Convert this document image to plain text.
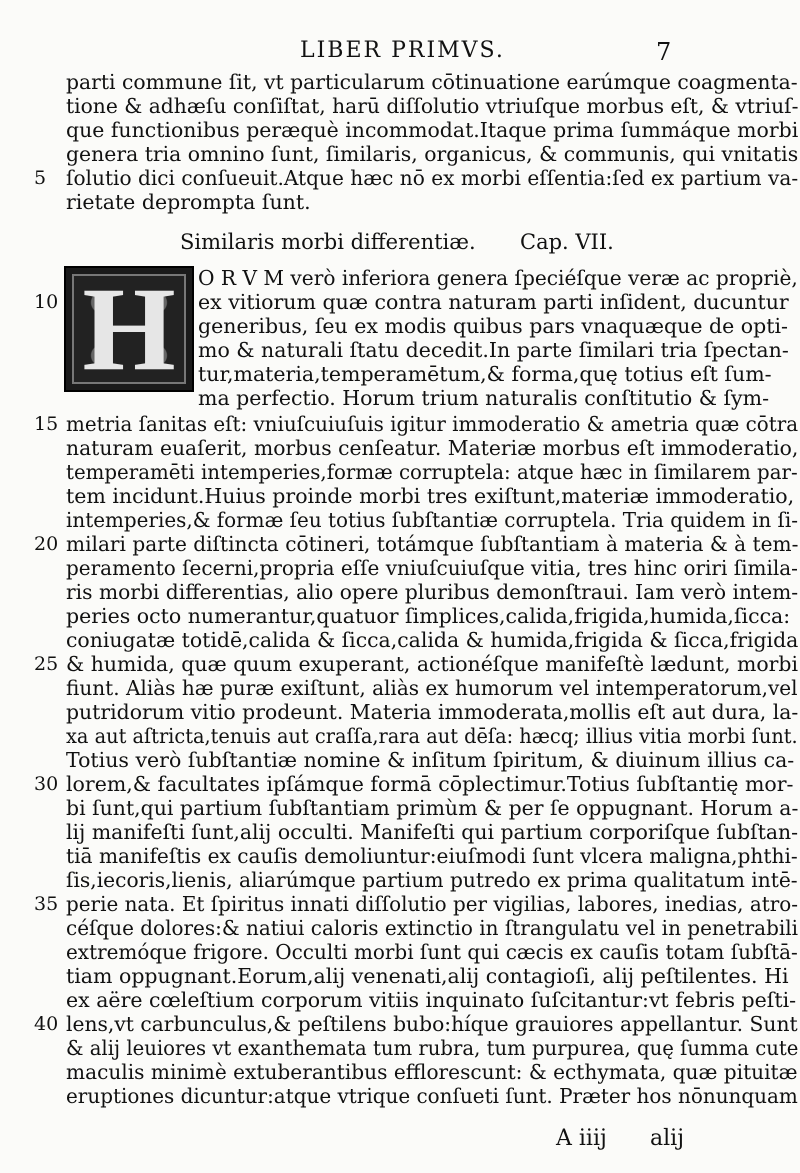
LIBER PRIMVS.	7
parti commune ſit, vt particularum cōtinuatione earúmque coagmenta-
tione & adhæſu conſiſtat, harū diſſolutio vtriuſque morbus eſt, & vtriuſ-
que functionibus peræquè incommodat.Itaque prima ſummáque morbi
genera tria omnino ſunt, ſimilaris, organicus, & communis, qui vnitatis
ſolutio dici conſueuit.Atque hæc nō ex morbi eſſentia:ſed ex partium va-
rietate deprompta ſunt.
5
Similaris morbi differentiæ. Cap. VII.
H	O R V M verò inferiora genera ſpeciéſque veræ ac propriè,
ex vitiorum quæ contra naturam parti inſident, ducuntur
generibus, ſeu ex modis quibus pars vnaquæque de opti-
mo & naturali ſtatu decedit.In parte ſimilari tria ſpectan-
tur,materia,temperamētum,& forma,quę totius eſt ſum-
ma perfectio. Horum trium naturalis conſtitutio & ſym-
10
metria ſanitas eſt: vniuſcuiuſuis igitur immoderatio & ametria quæ cōtra
naturam euaſerit, morbus cenſeatur. Materiæ morbus eſt immoderatio,
temperamēti intemperies,formæ corruptela: atque hæc in ſimilarem par-
tem incidunt.Huius proinde morbi tres exiſtunt,materiæ immoderatio,
intemperies,& formæ ſeu totius ſubſtantiæ corruptela. Tria quidem in ſi-
milari parte diſtincta cōtineri, totámque ſubſtantiam à materia & à tem-
peramento ſecerni,propria eſſe vniuſcuiuſque vitia, tres hinc oriri ſimila-
ris morbi differentias, alio opere pluribus demonſtraui. Iam verò intem-
peries octo numerantur,quatuor ſimplices,calida,frigida,humida,ſicca:
coniugatæ totidē,calida & ſicca,calida & humida,frigida & ſicca,frigida
& humida, quæ quum exuperant, actionéſque manifeſtè lædunt, morbi
fiunt. Aliàs hæ puræ exiſtunt, aliàs ex humorum vel intemperatorum,vel
putridorum vitio prodeunt. Materia immoderata,mollis eſt aut dura, la-
xa aut aſtricta,tenuis aut craſſa,rara aut dēſa: hæcq; illius vitia morbi ſunt.
Totius verò ſubſtantiæ nomine & inſitum ſpiritum, & diuinum illius ca-
lorem,& facultates ipſámque formā cōplectimur.Totius ſubſtantię mor-
bi ſunt,qui partium ſubſtantiam primùm & per ſe oppugnant. Horum a-
lij manifeſti ſunt,alij occulti. Manifeſti qui partium corporiſque ſubſtan-
tiā manifeſtis ex cauſis demoliuntur:eiuſmodi ſunt vlcera maligna,phthi-
ſis,iecoris,lienis, aliarúmque partium putredo ex prima qualitatum intē-
perie nata. Et ſpiritus innati diſſolutio per vigilias, labores, inedias, atro-
céſque dolores:& natiui caloris extinctio in ſtrangulatu vel in penetrabili
extremóque frigore. Occulti morbi ſunt qui cæcis ex cauſis totam ſubſtā-
tiam oppugnant.Eorum,alij venenati,alij contagioſi, alij peſtilentes. Hi
ex aëre cœleſtium corporum vitiis inquinato ſuſcitantur:vt febris peſti-
lens,vt carbunculus,& peſtilens bubo:híque grauiores appellantur. Sunt
& alij leuiores vt exanthemata tum rubra, tum purpurea, quę ſumma cute
maculis minimè extuberantibus efflorescunt: & ecthymata, quæ pituitæ
eruptiones dicuntur:atque vtrique conſueti ſunt. Præter hos nōnunquam
15
20
25
30
35
40
A iiij alij
